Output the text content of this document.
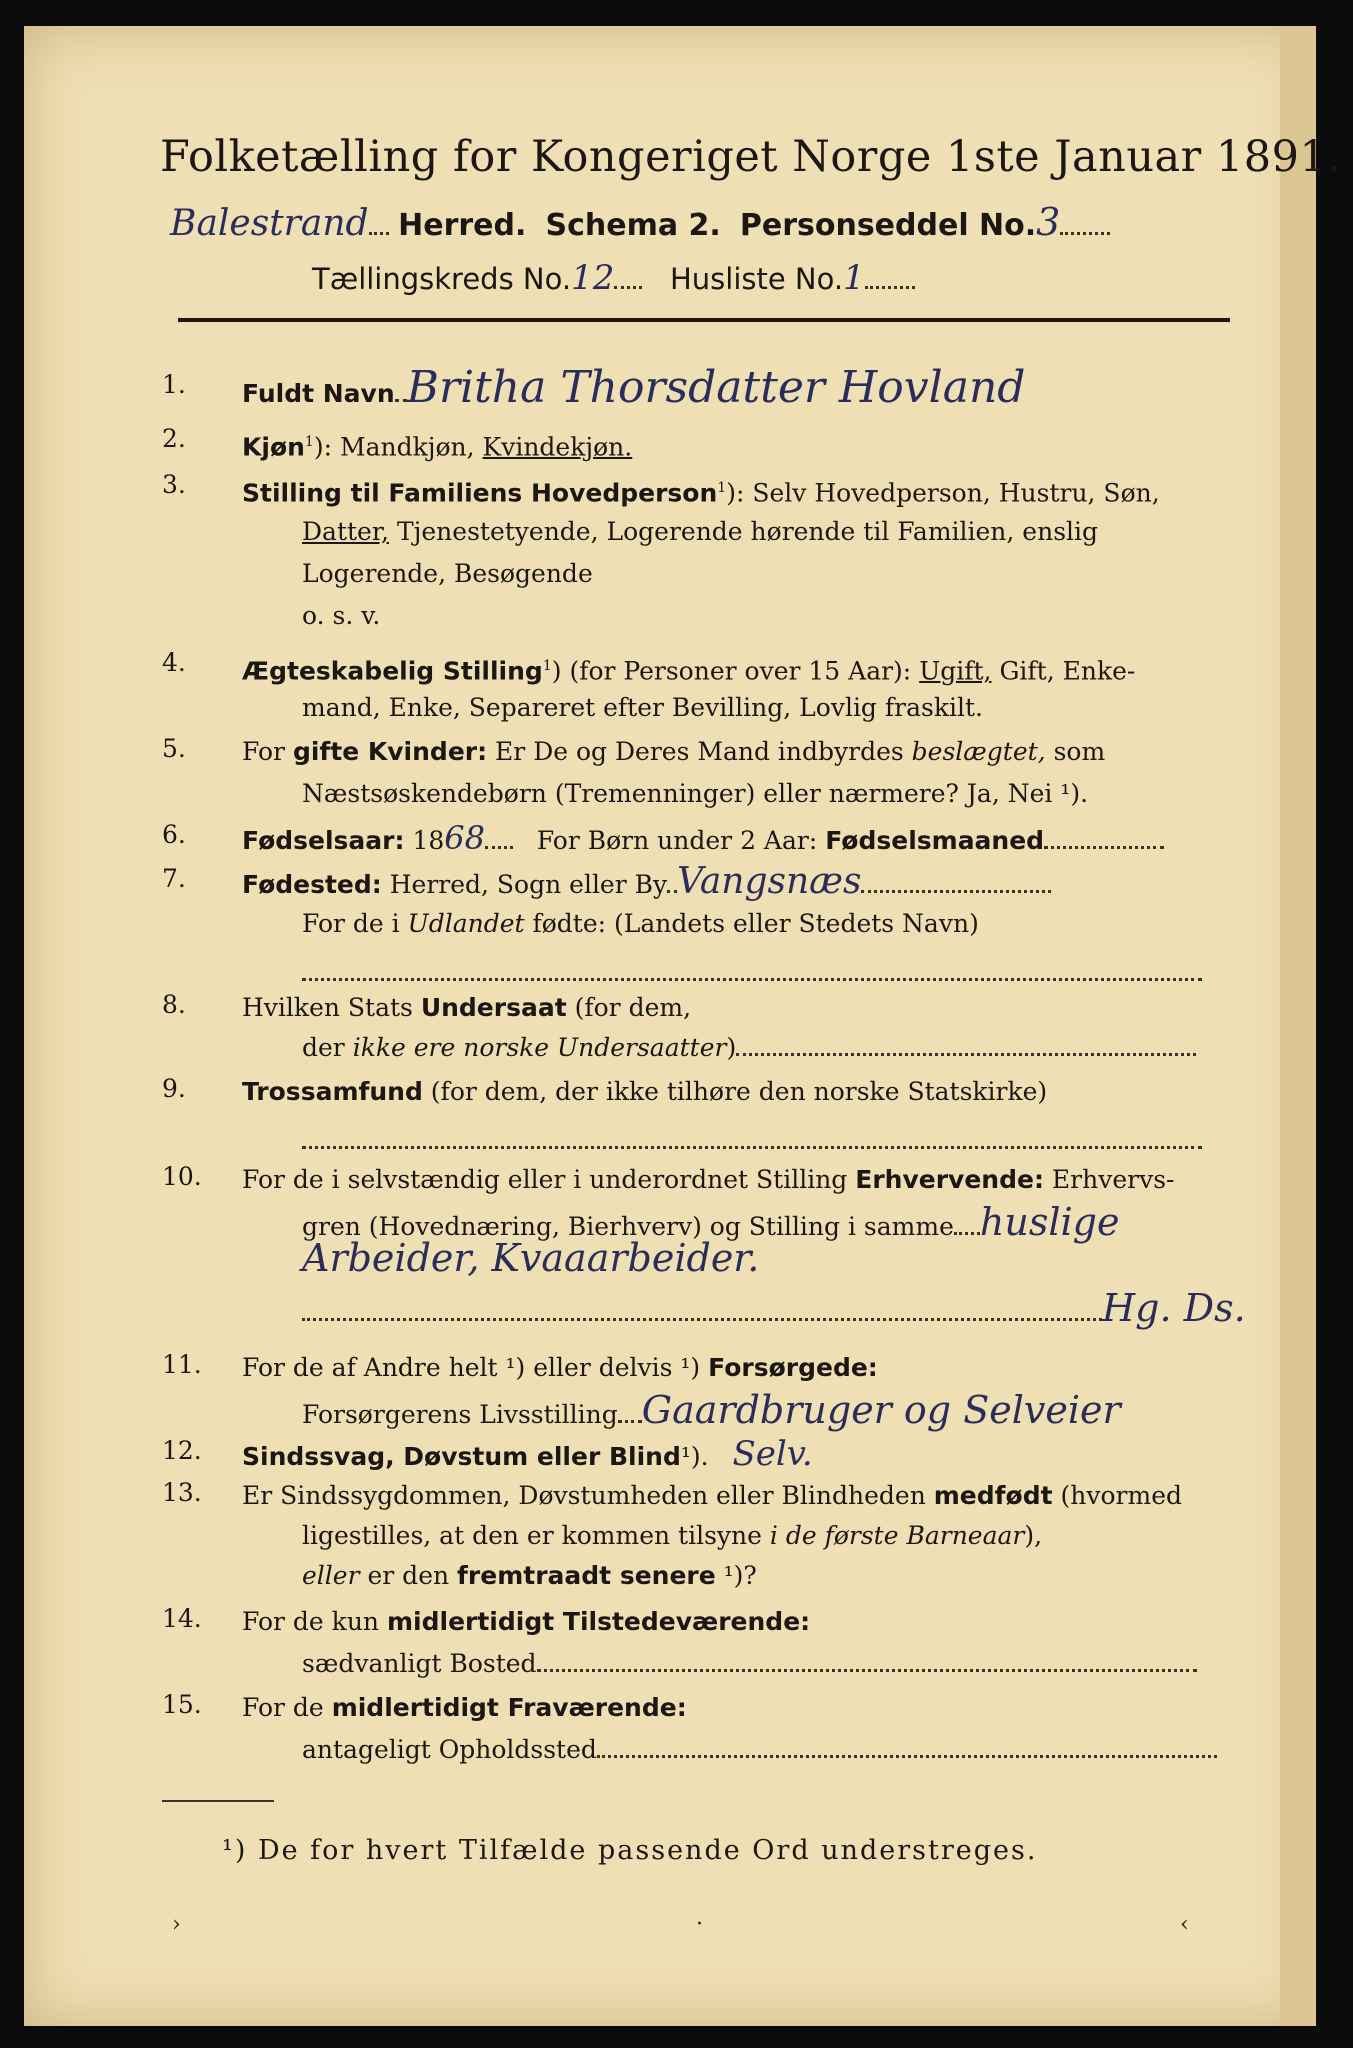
Folketælling for Kongeriget Norge 1ste Januar 1891.
Balestrand Herred. Schema 2. Personseddel No.3
Tællingskreds No.12 Husliste No.1
1.	Fuldt Navn Britha Thorsdatter Hovland
2.	Kjøn$^1$): Mandkjøn, Kvindekjøn.
3.	Stilling til Familiens Hovedperson$^1$): Selv Hovedperson, Hustru, Søn,
Datter, Tjenestetyende, Logerende hørende til Familien, enslig
Logerende, Besøgende
o. s. v.
4.	Ægteskabelig Stilling$^1$) (for Personer over 15 Aar): Ugift, Gift, Enke-
mand, Enke, Separeret efter Bevilling, Lovlig fraskilt.
5.	For gifte Kvinder: Er De og Deres Mand indbyrdes beslægtet, som
Næstsøskendebørn (Tremenninger) eller nærmere? Ja, Nei ¹).
6.	Fødselsaar: 1868 For Børn under 2 Aar: Fødselsmaaned
7.	Fødested: Herred, Sogn eller By Vangsnæs
For de i Udlandet fødte: (Landets eller Stedets Navn)
8.	Hvilken Stats Undersaat (for dem,
der ikke ere norske Undersaatter)
9.	Trossamfund (for dem, der ikke tilhøre den norske Statskirke)
10.	For de i selvstændig eller i underordnet Stilling Erhvervende: Erhvervs-
gren (Hovednæring, Bierhverv) og Stilling i samme huslige
Arbeider, Kvaaarbeider.
Hg. Ds.
11.	For de af Andre helt ¹) eller delvis ¹) Forsørgede:
Forsørgerens Livsstilling Gaardbruger og Selveier
12.	Sindssvag, Døvstum eller Blind¹). Selv.
13.	Er Sindssygdommen, Døvstumheden eller Blindheden medfødt (hvormed
ligestilles, at den er kommen tilsyne i de første Barneaar),
eller er den fremtraadt senere ¹)?
14.	For de kun midlertidigt Tilstedeværende:
sædvanligt Bosted
15.	For de midlertidigt Fraværende:
antageligt Opholdssted
¹) De for hvert Tilfælde passende Ord understreges.
›	·	‹
